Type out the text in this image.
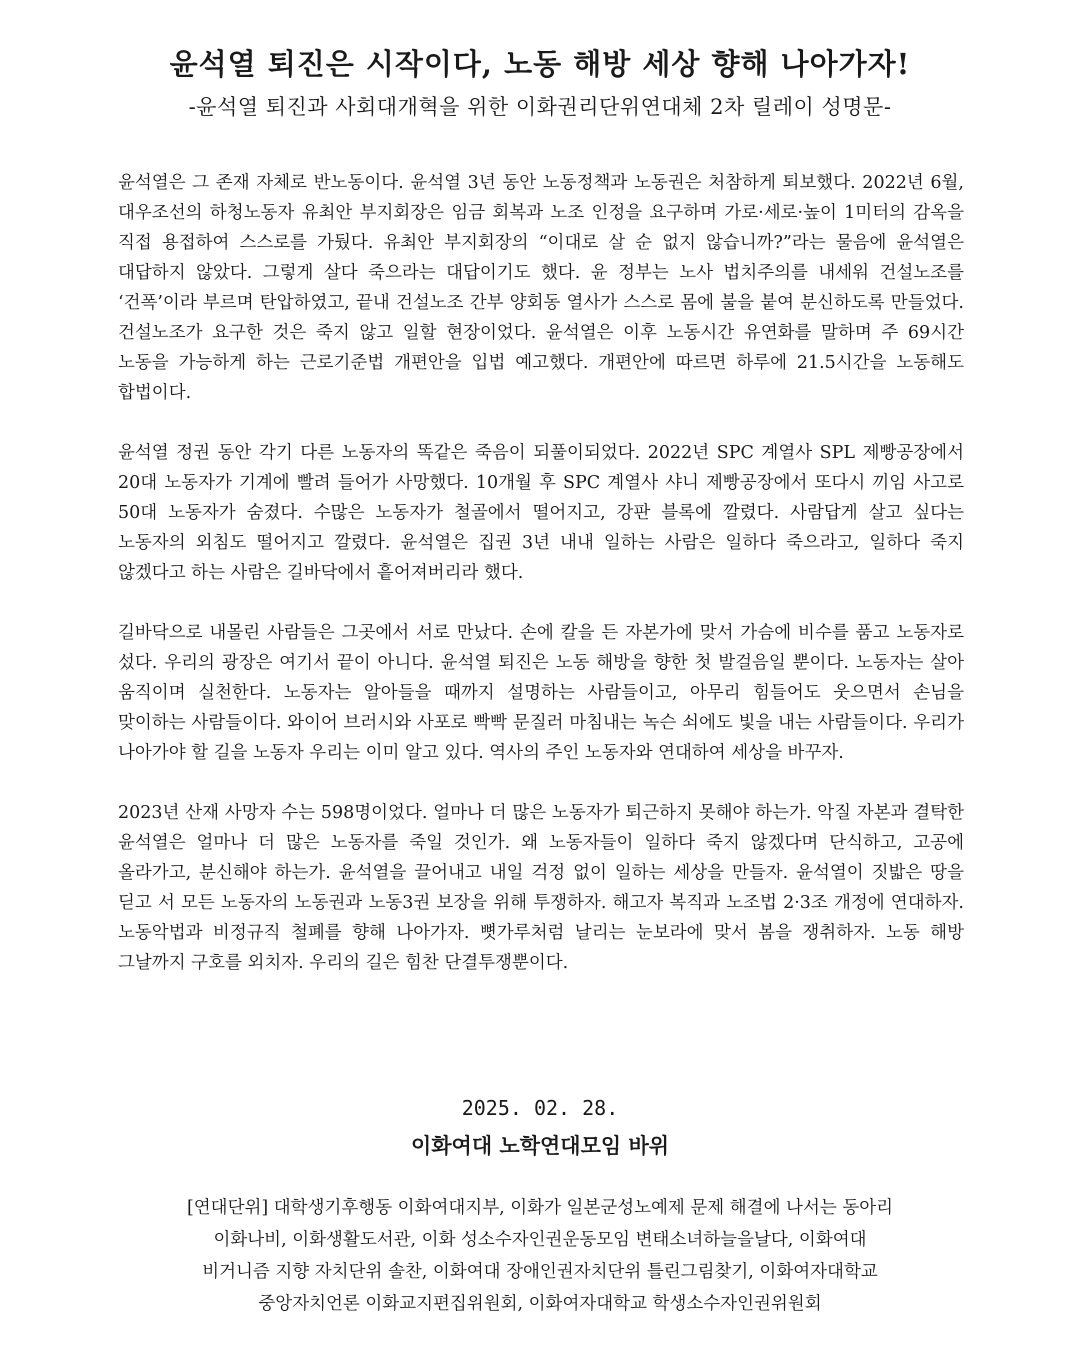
윤석열 퇴진은 시작이다, 노동 해방 세상 향해 나아가자!
-윤석열 퇴진과 사회대개혁을 위한 이화권리단위연대체 2차 릴레이 성명문-

윤석열은 그 존재 자체로 반노동이다. 윤석열 3년 동안 노동정책과 노동권은 처참하게 퇴보했다. 2022년 6월, 대우조선의 하청노동자 유최안 부지회장은 임금 회복과 노조 인정을 요구하며 가로·세로·높이 1미터의 감옥을 직접 용접하여 스스로를 가뒀다. 유최안 부지회장의 “이대로 살 순 없지 않습니까?”라는 물음에 윤석열은 대답하지 않았다. 그렇게 살다 죽으라는 대답이기도 했다. 윤 정부는 노사 법치주의를 내세워 건설노조를 ‘건폭’이라 부르며 탄압하였고, 끝내 건설노조 간부 양회동 열사가 스스로 몸에 불을 붙여 분신하도록 만들었다. 건설노조가 요구한 것은 죽지 않고 일할 현장이었다. 윤석열은 이후 노동시간 유연화를 말하며 주 69시간 노동을 가능하게 하는 근로기준법 개편안을 입법 예고했다. 개편안에 따르면 하루에 21.5시간을 노동해도 합법이다.

윤석열 정권 동안 각기 다른 노동자의 똑같은 죽음이 되풀이되었다. 2022년 SPC 계열사 SPL 제빵공장에서 20대 노동자가 기계에 빨려 들어가 사망했다. 10개월 후 SPC 계열사 샤니 제빵공장에서 또다시 끼임 사고로 50대 노동자가 숨졌다. 수많은 노동자가 철골에서 떨어지고, 강판 블록에 깔렸다. 사람답게 살고 싶다는 노동자의 외침도 떨어지고 깔렸다. 윤석열은 집권 3년 내내 일하는 사람은 일하다 죽으라고, 일하다 죽지 않겠다고 하는 사람은 길바닥에서 흩어져버리라 했다.

길바닥으로 내몰린 사람들은 그곳에서 서로 만났다. 손에 칼을 든 자본가에 맞서 가슴에 비수를 품고 노동자로 섰다. 우리의 광장은 여기서 끝이 아니다. 윤석열 퇴진은 노동 해방을 향한 첫 발걸음일 뿐이다. 노동자는 살아 움직이며 실천한다. 노동자는 알아들을 때까지 설명하는 사람들이고, 아무리 힘들어도 웃으면서 손님을 맞이하는 사람들이다. 와이어 브러시와 사포로 빡빡 문질러 마침내는 녹슨 쇠에도 빛을 내는 사람들이다. 우리가 나아가야 할 길을 노동자 우리는 이미 알고 있다. 역사의 주인 노동자와 연대하여 세상을 바꾸자.

2023년 산재 사망자 수는 598명이었다. 얼마나 더 많은 노동자가 퇴근하지 못해야 하는가. 악질 자본과 결탁한 윤석열은 얼마나 더 많은 노동자를 죽일 것인가. 왜 노동자들이 일하다 죽지 않겠다며 단식하고, 고공에 올라가고, 분신해야 하는가. 윤석열을 끌어내고 내일 걱정 없이 일하는 세상을 만들자. 윤석열이 짓밟은 땅을 딛고 서 모든 노동자의 노동권과 노동3권 보장을 위해 투쟁하자. 해고자 복직과 노조법 2·3조 개정에 연대하자. 노동악법과 비정규직 철폐를 향해 나아가자. 뼛가루처럼 날리는 눈보라에 맞서 봄을 쟁취하자. 노동 해방 그날까지 구호를 외치자. 우리의 길은 힘찬 단결투쟁뿐이다.

2025. 02. 28.
이화여대 노학연대모임 바위
[연대단위] 대학생기후행동 이화여대지부, 이화가 일본군성노예제 문제 해결에 나서는 동아리
이화나비, 이화생활도서관, 이화 성소수자인권운동모임 변태소녀하늘을날다, 이화여대
비거니즘 지향 자치단위 솔찬, 이화여대 장애인권자치단위 틀린그림찾기, 이화여자대학교
중앙자치언론 이화교지편집위원회, 이화여자대학교 학생소수자인권위원회
